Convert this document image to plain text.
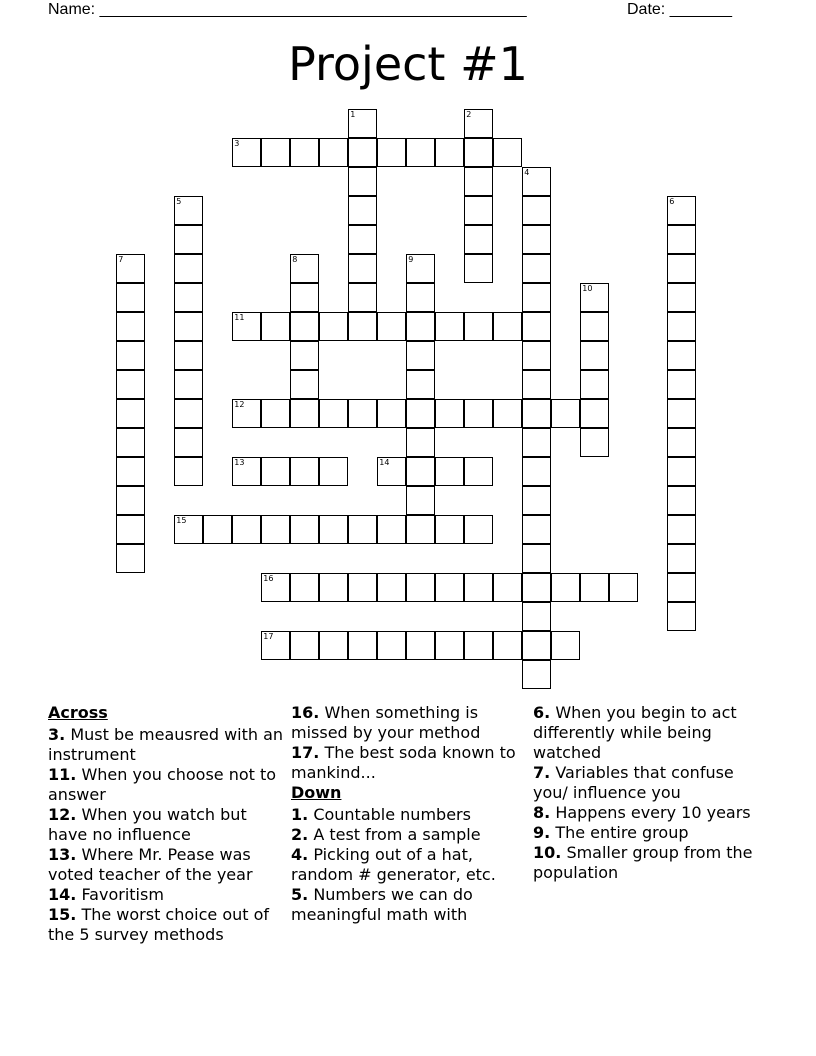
Name: ________________________________________________	Date: _______
Project #1
1	2
3
4
5	6
7	8	9
10
11
12
13	14
15
16
17
Across
3. Must be meausred with an instrument
11. When you choose not to answer
12. When you watch but have no influence
13. Where Mr. Pease was voted teacher of the year
14. Favoritism
15. The worst choice out of the 5 survey methods
16. When something is missed by your method
17. The best soda known to mankind...
Down
1. Countable numbers
2. A test from a sample
4. Picking out of a hat, random # generator, etc.
5. Numbers we can do meaningful math with
6. When you begin to act differently while being watched
7. Variables that confuse you/ influence you
8. Happens every 10 years
9. The entire group
10. Smaller group from the population
